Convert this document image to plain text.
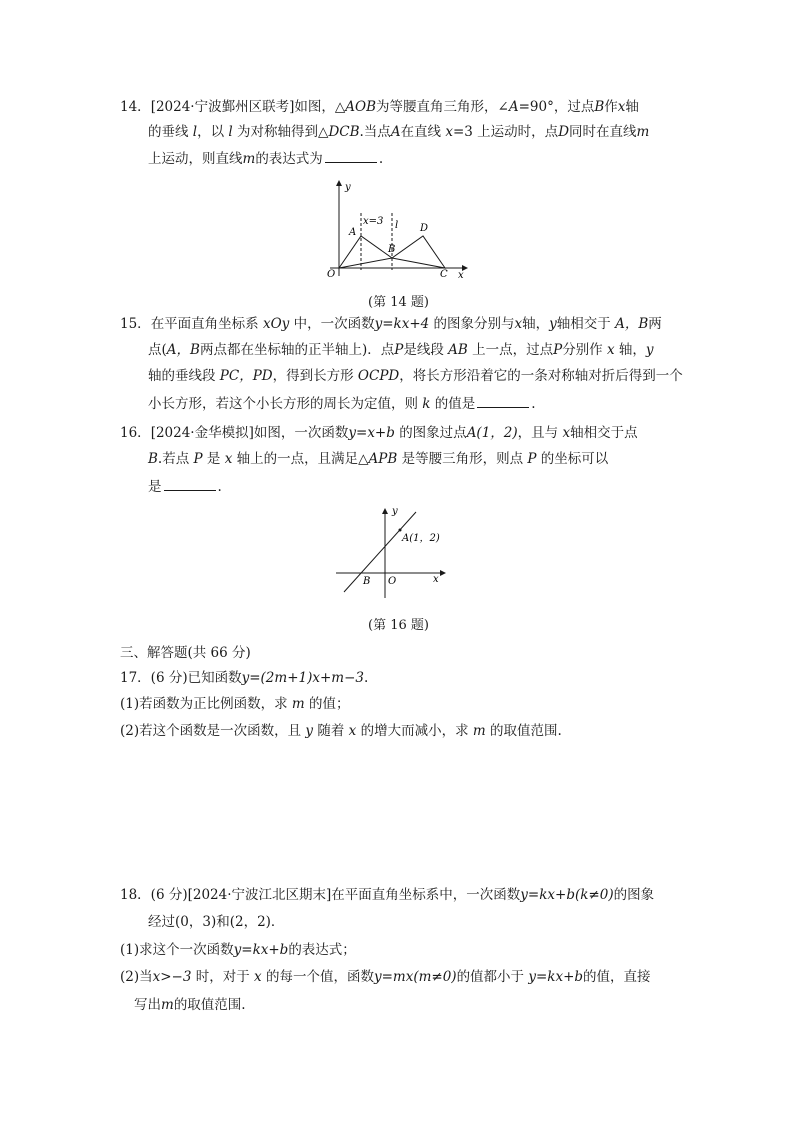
14．[2024·宁波鄞州区联考]如图，△AOB为等腰直角三角形，∠A=90°，过点B作x轴
的垂线 l，以 l 为对称轴得到△DCB.当点A在直线 x=3 上运动时，点D同时在直线m
上运动，则直线m的表达式为	.
y
x
O
A
B
C
D
x=3 l
(第 14 题)
15．在平面直角坐标系 xOy 中，一次函数y=kx+4 的图象分别与x轴，y轴相交于 A，B两
点(A，B两点都在坐标轴的正半轴上)．点P是线段 AB 上一点，过点P分别作 x 轴，y
轴的垂线段 PC，PD，得到长方形 OCPD，将长方形沿着它的一条对称轴对折后得到一个
小长方形，若这个小长方形的周长为定值，则 k 的值是	.
16．[2024·金华模拟]如图，一次函数y=x+b 的图象过点A(1，2)，且与 x轴相交于点
B.若点 P 是 x 轴上的一点，且满足△APB 是等腰三角形，则点 P 的坐标可以
是	.
y
x
O
B
A(1，2)
(第 16 题)
三、解答题(共 66 分)
17．(6 分)已知函数y=(2m+1)x+m−3.
(1)若函数为正比例函数，求 m 的值；
(2)若这个函数是一次函数，且 y 随着 x 的增大而减小，求 m 的取值范围.
18．(6 分)[2024·宁波江北区期末]在平面直角坐标系中，一次函数y=kx+b(k≠0)的图象
经过(0，3)和(2，2)．
(1)求这个一次函数y=kx+b的表达式；
(2)当x>−3 时，对于 x 的每一个值，函数y=mx(m≠0)的值都小于 y=kx+b的值，直接
写出m的取值范围.
